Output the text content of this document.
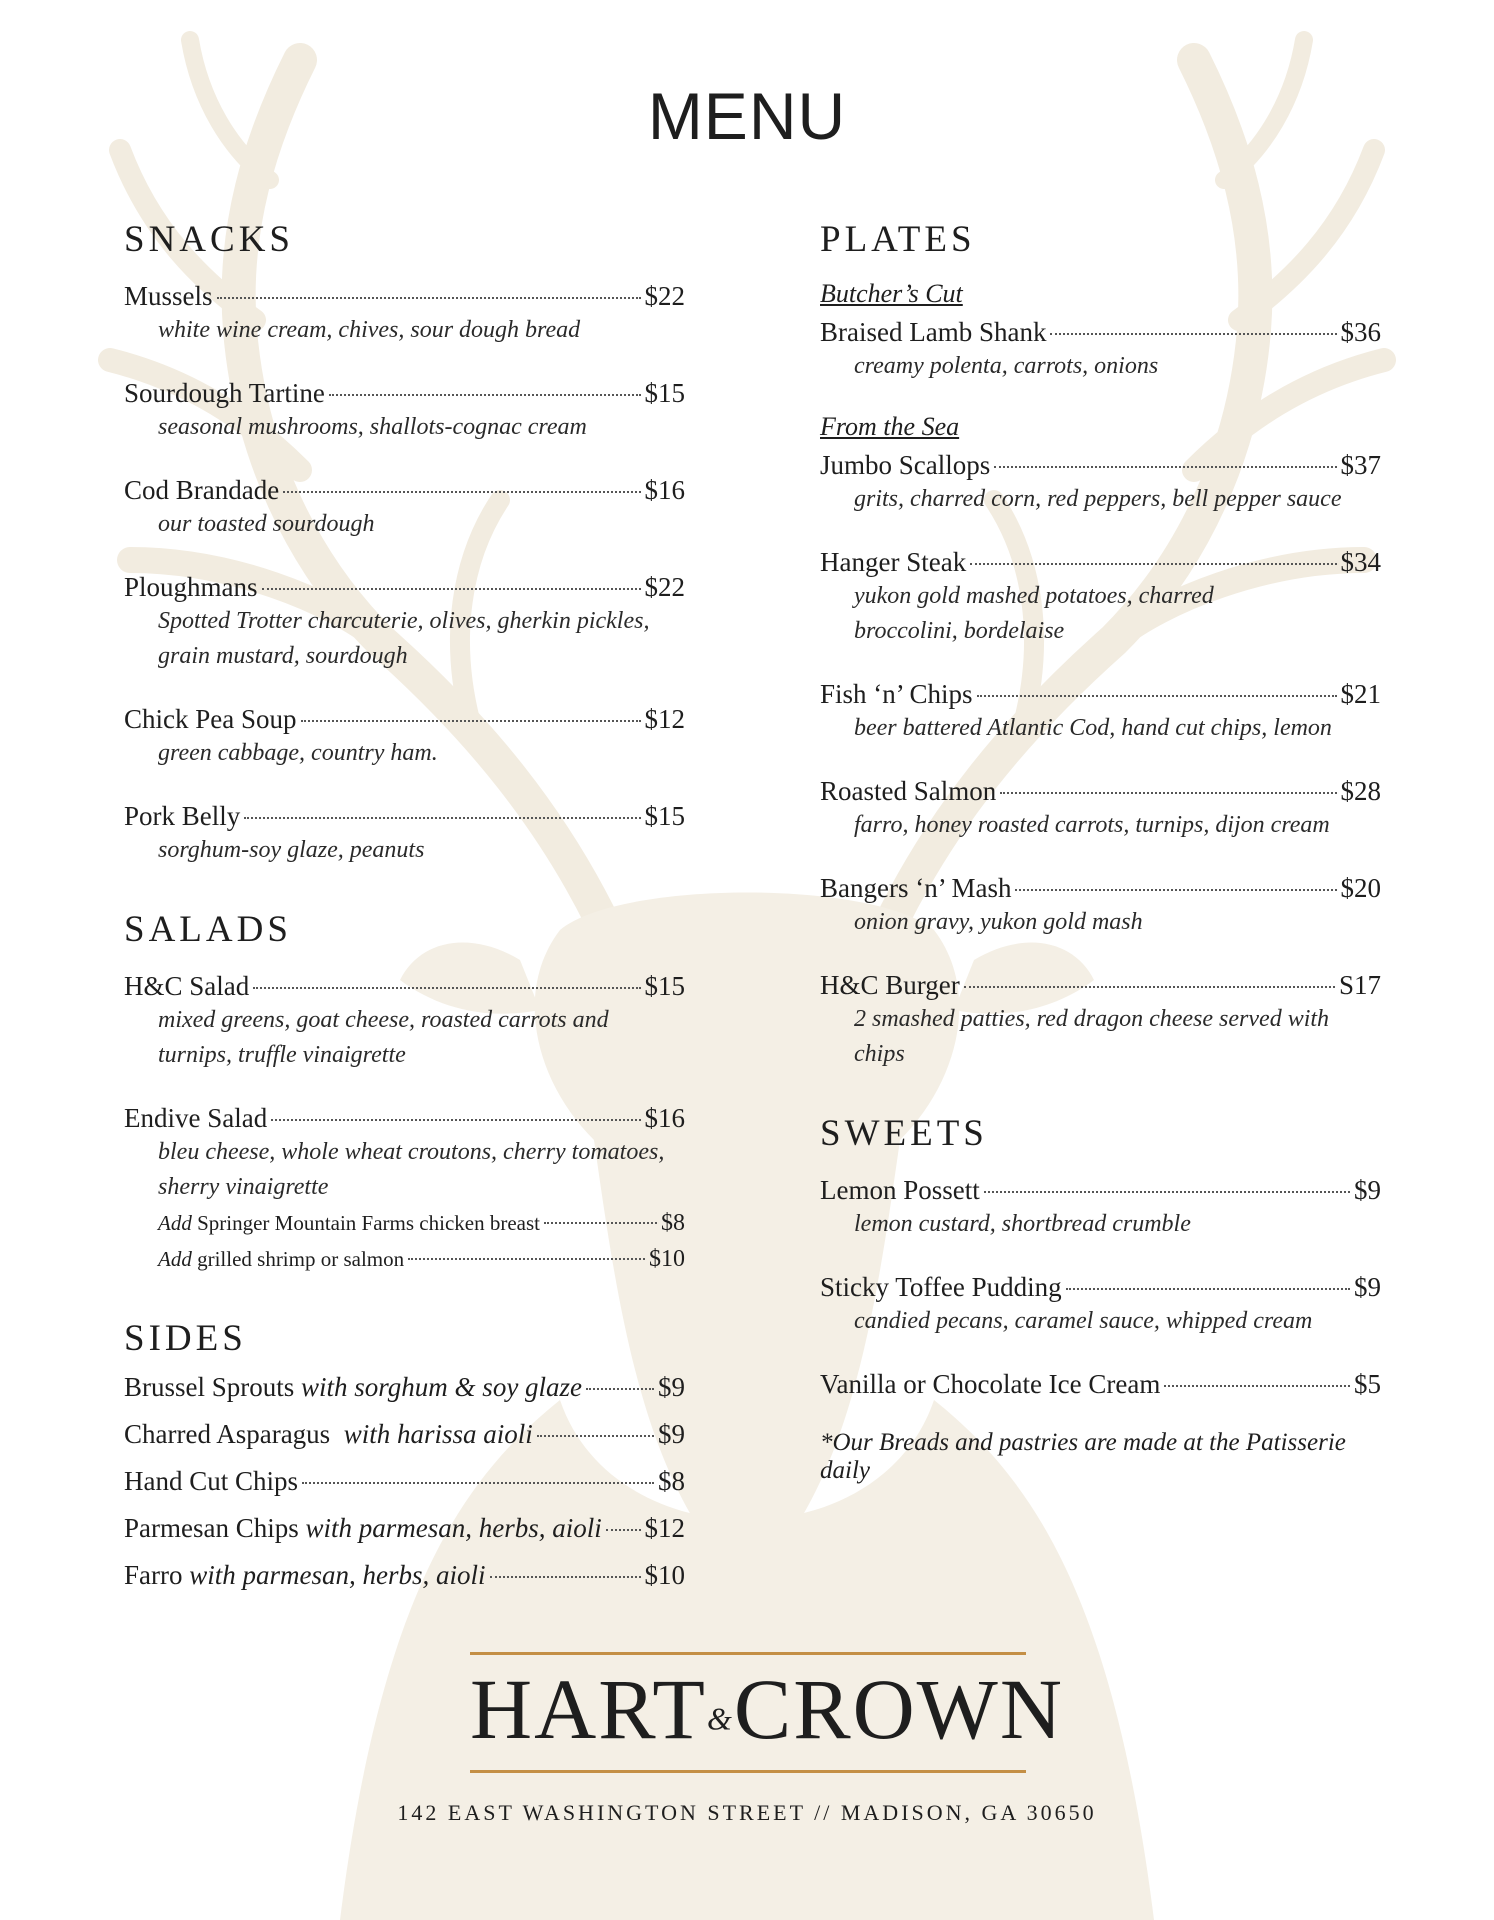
MENU
SNACKS
Mussels	$22
white wine cream, chives, sour dough bread
Sourdough Tartine	$15
seasonal mushrooms, shallots-cognac cream
Cod Brandade	$16
our toasted sourdough
Ploughmans	$22
Spotted Trotter charcuterie, olives, gherkin pickles,
grain mustard, sourdough
Chick Pea Soup	$12
green cabbage, country ham.
Pork Belly	$15
sorghum-soy glaze, peanuts
SALADS
H&C Salad	$15
mixed greens, goat cheese, roasted carrots and
turnips, truffle vinaigrette
Endive Salad	$16
bleu cheese, whole wheat croutons, cherry tomatoes,
sherry vinaigrette
Add Springer Mountain Farms chicken breast	$8
Add grilled shrimp or salmon	$10
SIDES
Brussel Sprouts with sorghum & soy glaze	$9
Charred Asparagus with harissa aioli	$9
Hand Cut Chips	$8
Parmesan Chips with parmesan, herbs, aioli $12
Farro with parmesan, herbs, aioli	$10
PLATES
Butcher’s Cut
Braised Lamb Shank	$36
creamy polenta, carrots, onions
From the Sea
Jumbo Scallops	$37
grits, charred corn, red peppers, bell pepper sauce
Hanger Steak	$34
yukon gold mashed potatoes, charred
broccolini, bordelaise
Fish ‘n’ Chips	$21
beer battered Atlantic Cod, hand cut chips, lemon
Roasted Salmon	$28
farro, honey roasted carrots, turnips, dijon cream
Bangers ‘n’ Mash	$20
onion gravy, yukon gold mash
H&C Burger	S17
2 smashed patties, red dragon cheese served with chips
SWEETS
Lemon Possett	$9
lemon custard, shortbread crumble
Sticky Toffee Pudding	$9
candied pecans, caramel sauce, whipped cream
Vanilla or Chocolate Ice Cream	$5
*Our Breads and pastries are made at the Patisserie daily
HART&CROWN
142 EAST WASHINGTON STREET // MADISON, GA 30650
